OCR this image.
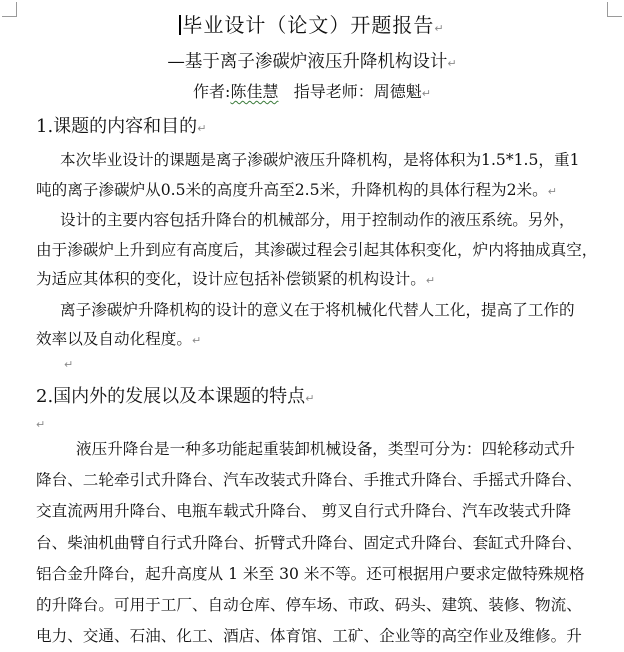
毕业设计（论文）开题报告↵
—基于离子渗碳炉液压升降机构设计↵
作者:陈佳慧 指导老师：周德魁↵
1.课题的内容和目的↵

本次毕业设计的课题是离子渗碳炉液压升降机构，是将体积为1.5*1.5，重1

吨的离子渗碳炉从0.5米的高度升高至2.5米，升降机构的具体行程为2米。↵

设计的主要内容包括升降台的机械部分，用于控制动作的液压系统。另外，

由于渗碳炉上升到应有高度后，其渗碳过程会引起其体积变化，炉内将抽成真空，

为适应其体积的变化，设计应包括补偿锁紧的机构设计。↵

离子渗碳炉升降机构的设计的意义在于将机械化代替人工化，提高了工作的

效率以及自动化程度。↵

↵
2.国内外的发展以及本课题的特点↵
↵

液压升降台是一种多功能起重装卸机械设备，类型可分为：四轮移动式升

降台、二轮牵引式升降台、汽车改装式升降台、手推式升降台、手摇式升降台、

交直流两用升降台、电瓶车载式升降台、 剪叉自行式升降台、汽车改装式升降

台、柴油机曲臂自行式升降台、折臂式升降台、固定式升降台、套缸式升降台、

铝合金升降台，起升高度从 1 米至 30 米不等。还可根据用户要求定做特殊规格

的升降台。可用于工厂、自动仓库、停车场、市政、码头、建筑、装修、物流、

电力、交通、石油、化工、酒店、体育馆、工矿、企业等的高空作业及维修。升
